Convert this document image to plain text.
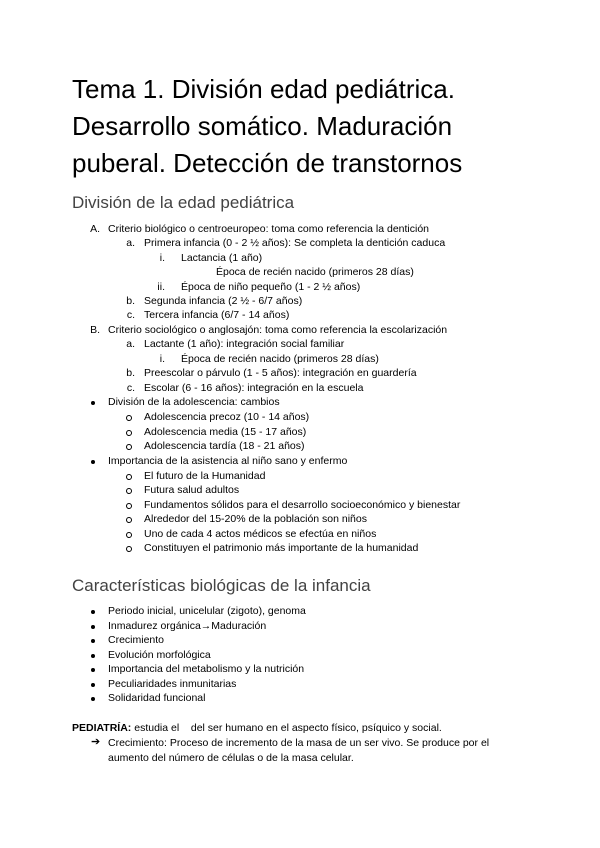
Tema 1. División edad pediátrica. Desarrollo somático. Maduración puberal. Detección de transtornos
División de la edad pediátrica
A. Criterio biológico o centroeuropeo: toma como referencia la dentición
a. Primera infancia (0 - 2 ½ años): Se completa la dentición caduca
i. Lactancia (1 año)
Época de recién nacido (primeros 28 días)
ii. Época de niño pequeño (1 - 2 ½ años)
b. Segunda infancia (2 ½ - 6/7 años)
c. Tercera infancia (6/7 - 14 años)
B. Criterio sociológico o anglosajón: toma como referencia la escolarización
a. Lactante (1 año): integración social familiar
i. Época de recién nacido (primeros 28 días)
b. Preescolar o párvulo (1 - 5 años): integración en guardería
c. Escolar (6 - 16 años): integración en la escuela
División de la adolescencia: cambios
Adolescencia precoz (10 - 14 años)
Adolescencia media (15 - 17 años)
Adolescencia tardía (18 - 21 años)
Importancia de la asistencia al niño sano y enfermo
El futuro de la Humanidad
Futura salud adultos
Fundamentos sólidos para el desarrollo socioeconómico y bienestar
Alrededor del 15-20% de la población son niños
Uno de cada 4 actos médicos se efectúa en niños
Constituyen el patrimonio más importante de la humanidad
Características biológicas de la infancia
Periodo inicial, unicelular (zigoto), genoma
Inmadurez orgánica→Maduración
Crecimiento
Evolución morfológica
Importancia del metabolismo y la nutrición
Peculiaridades inmunitarias
Solidaridad funcional
PEDIATRÍA: estudia el    del ser humano en el aspecto físico, psíquico y social.
➔ Crecimiento: Proceso de incremento de la masa de un ser vivo. Se produce por el
aumento del número de células o de la masa celular.
